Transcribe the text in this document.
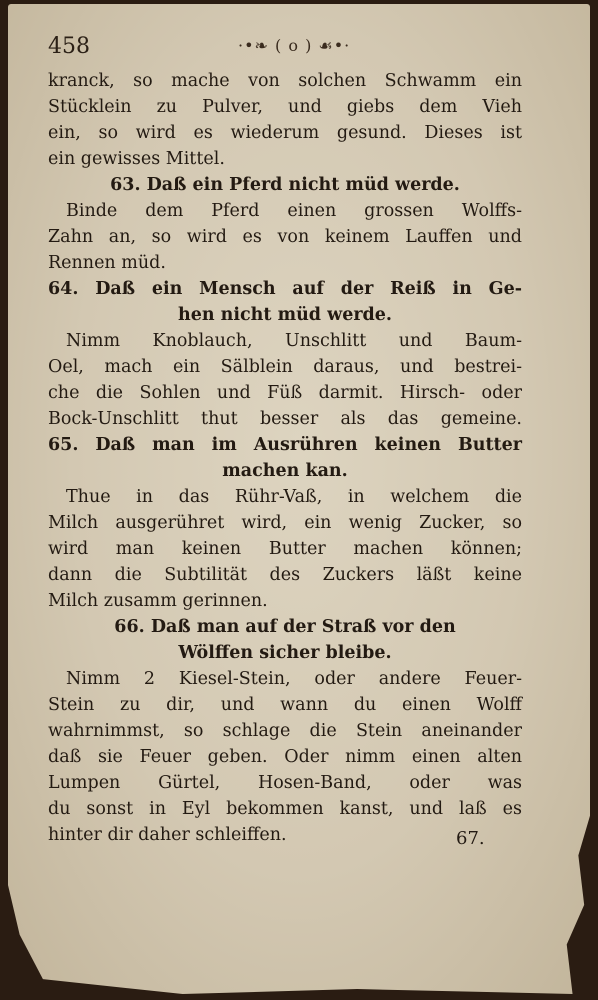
458	·•❧ ( o ) ☙•·
kranck, so mache von solchen Schwamm ein
Stücklein zu Pulver, und giebs dem Vieh
ein, so wird es wiederum gesund. Dieses ist
ein gewisses Mittel.
63. Daß ein Pferd nicht müd werde.
Binde dem Pferd einen grossen Wolffs-
Zahn an, so wird es von keinem Lauffen und
Rennen müd.
64. Daß ein Mensch auf der Reiß in Ge-
hen nicht müd werde.
Nimm Knoblauch, Unschlitt und Baum-
Oel, mach ein Sälblein daraus, und bestrei-
che die Sohlen und Füß darmit. Hirsch- oder
Bock-Unschlitt thut besser als das gemeine.
65. Daß man im Ausrühren keinen Butter
machen kan.
Thue in das Rühr-Vaß, in welchem die
Milch ausgerühret wird, ein wenig Zucker, so
wird man keinen Butter machen können;
dann die Subtilität des Zuckers läßt keine
Milch zusamm gerinnen.
66. Daß man auf der Straß vor den
Wölffen sicher bleibe.
Nimm 2 Kiesel-Stein, oder andere Feuer-
Stein zu dir, und wann du einen Wolff
wahrnimmst, so schlage die Stein aneinander
daß sie Feuer geben. Oder nimm einen alten
Lumpen Gürtel, Hosen-Band, oder was
du sonst in Eyl bekommen kanst, und laß es
hinter dir daher schleiffen.	67.
